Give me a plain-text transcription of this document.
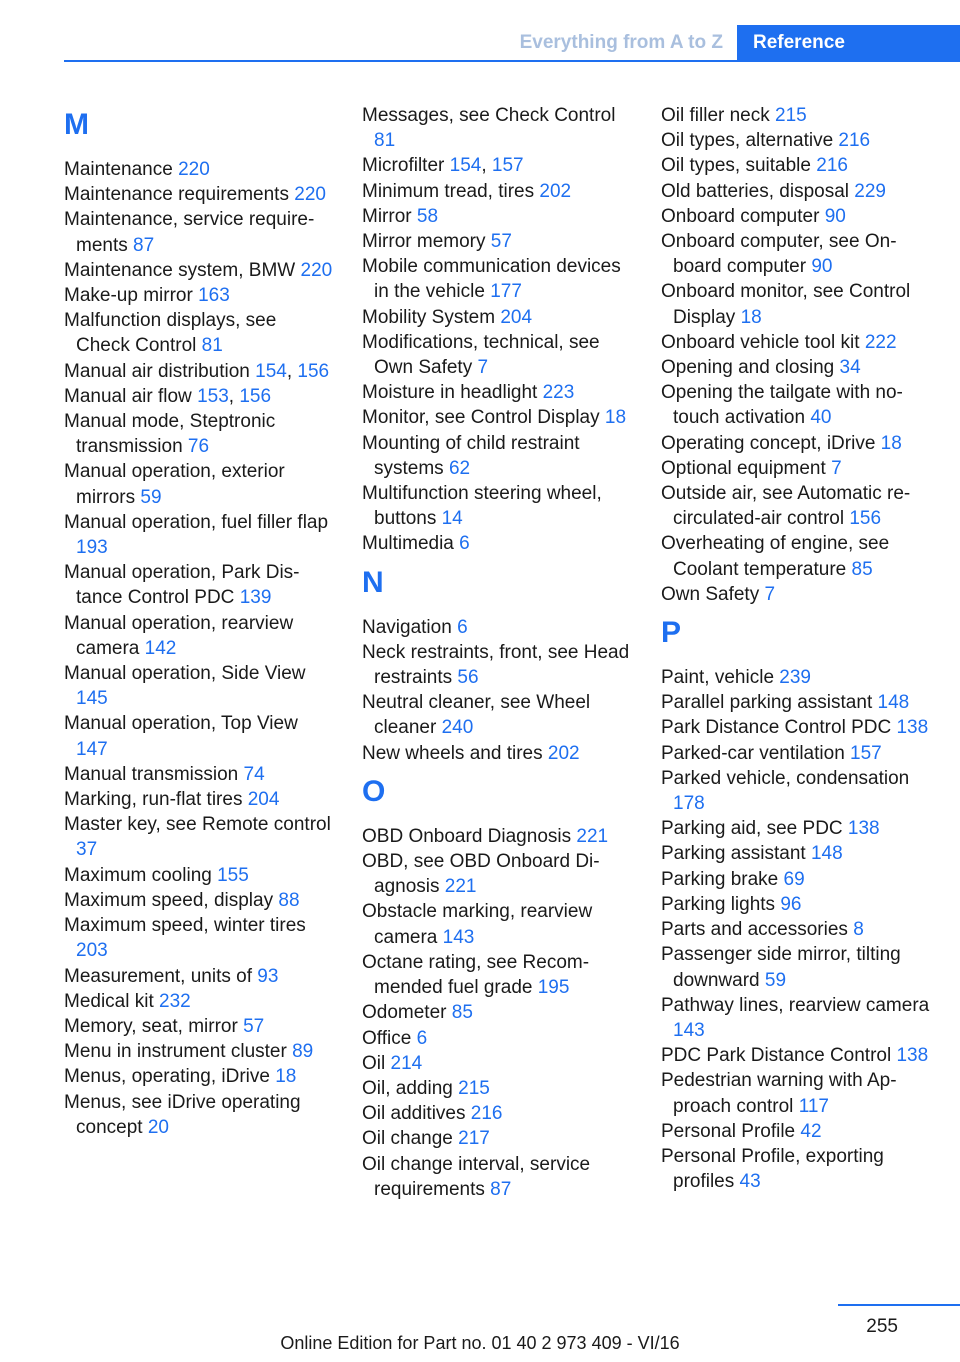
Everything from A to Z	Reference
M
Maintenance 220
Maintenance requirements 220
Maintenance, service requirements 87
Maintenance system, BMW 220
Make-up mirror 163
Malfunction displays, see Check Control 81
Manual air distribution 154, 156
Manual air flow 153, 156
Manual mode, Steptronic transmission 76
Manual operation, exterior mirrors 59
Manual operation, fuel filler flap 193
Manual operation, Park Distance Control PDC 139
Manual operation, rearview camera 142
Manual operation, Side View 145
Manual operation, Top View 147
Manual transmission 74
Marking, run-flat tires 204
Master key, see Remote control 37
Maximum cooling 155
Maximum speed, display 88
Maximum speed, winter tires 203
Measurement, units of 93
Medical kit 232
Memory, seat, mirror 57
Menu in instrument cluster 89
Menus, operating, iDrive 18
Menus, see iDrive operating concept 20
Messages, see Check Control 81
Microfilter 154, 157
Minimum tread, tires 202
Mirror 58
Mirror memory 57
Mobile communication devices in the vehicle 177
Mobility System 204
Modifications, technical, see Own Safety 7
Moisture in headlight 223
Monitor, see Control Display 18
Mounting of child restraint systems 62
Multifunction steering wheel, buttons 14
Multimedia 6
N
Navigation 6
Neck restraints, front, see Head restraints 56
Neutral cleaner, see Wheel cleaner 240
New wheels and tires 202
O
OBD Onboard Diagnosis 221
OBD, see OBD Onboard Diagnosis 221
Obstacle marking, rearview camera 143
Octane rating, see Recommended fuel grade 195
Odometer 85
Office 6
Oil 214
Oil, adding 215
Oil additives 216
Oil change 217
Oil change interval, service requirements 87
Oil filler neck 215
Oil types, alternative 216
Oil types, suitable 216
Old batteries, disposal 229
Onboard computer 90
Onboard computer, see Onboard computer 90
Onboard monitor, see Control Display 18
Onboard vehicle tool kit 222
Opening and closing 34
Opening the tailgate with no-touch activation 40
Operating concept, iDrive 18
Optional equipment 7
Outside air, see Automatic recirculated-air control 156
Overheating of engine, see Coolant temperature 85
Own Safety 7
P
Paint, vehicle 239
Parallel parking assistant 148
Park Distance Control PDC 138
Parked-car ventilation 157
Parked vehicle, condensation 178
Parking aid, see PDC 138
Parking assistant 148
Parking brake 69
Parking lights 96
Parts and accessories 8
Passenger side mirror, tilting downward 59
Pathway lines, rearview camera 143
PDC Park Distance Control 138
Pedestrian warning with Approach control 117
Personal Profile 42
Personal Profile, exporting profiles 43
255
Online Edition for Part no. 01 40 2 973 409 - VI/16
